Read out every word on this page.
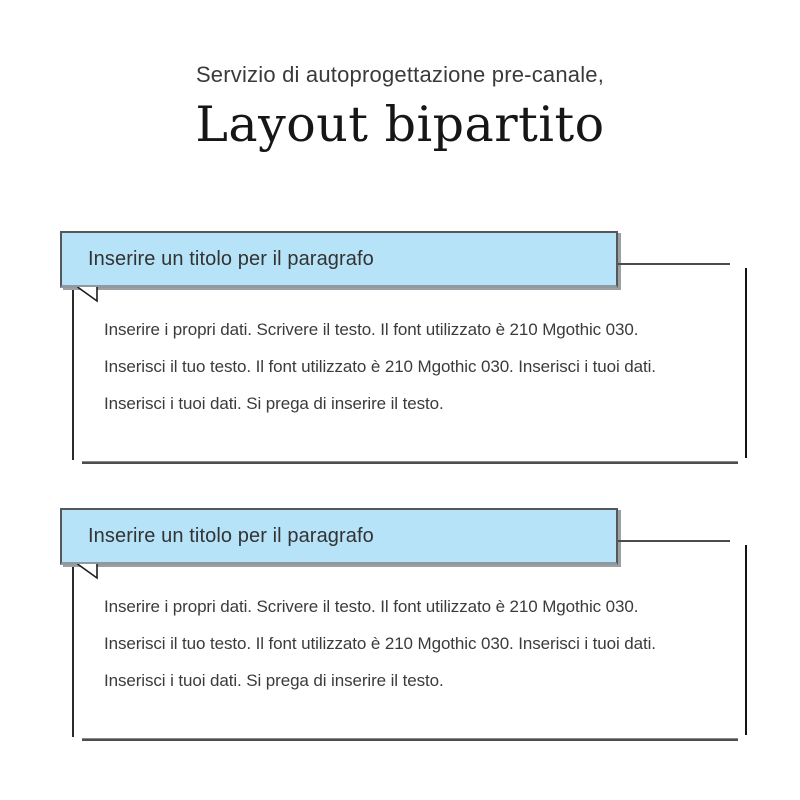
Servizio di autoprogettazione pre-canale,
Layout bipartito
Inserire un titolo per il paragrafo
Inserire i propri dati. Scrivere il testo. Il font utilizzato è 210 Mgothic 030.
Inserisci il tuo testo. Il font utilizzato è 210 Mgothic 030. Inserisci i tuoi dati.
Inserisci i tuoi dati. Si prega di inserire il testo.
Inserire un titolo per il paragrafo
Inserire i propri dati. Scrivere il testo. Il font utilizzato è 210 Mgothic 030.
Inserisci il tuo testo. Il font utilizzato è 210 Mgothic 030. Inserisci i tuoi dati.
Inserisci i tuoi dati. Si prega di inserire il testo.
